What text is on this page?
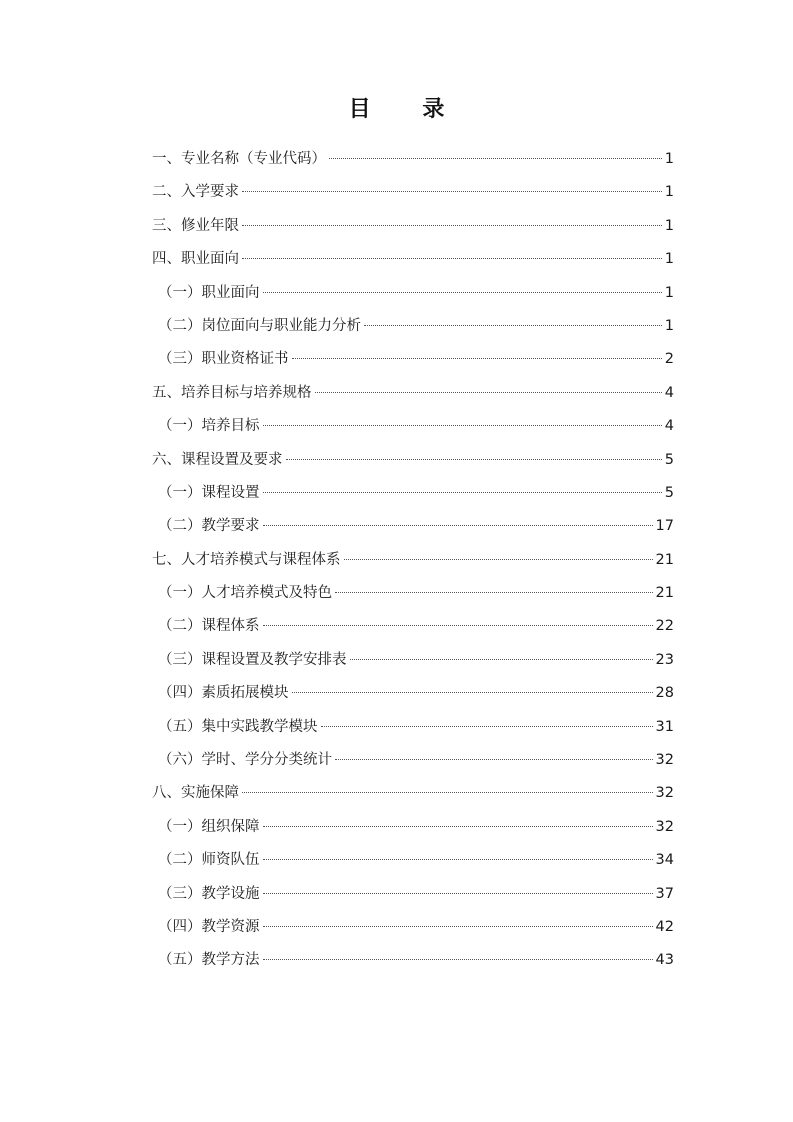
目 录
一、专业名称（专业代码）	1
二、入学要求	1
三、修业年限	1
四、职业面向	1
（一）职业面向	1
（二）岗位面向与职业能力分析	1
（三）职业资格证书	2
五、培养目标与培养规格	4
（一）培养目标	4
六、课程设置及要求	5
（一）课程设置	5
（二）教学要求	17
七、人才培养模式与课程体系	21
（一）人才培养模式及特色	21
（二）课程体系	22
（三）课程设置及教学安排表	23
（四）素质拓展模块	28
（五）集中实践教学模块	31
（六）学时、学分分类统计	32
八、实施保障	32
（一）组织保障	32
（二）师资队伍	34
（三）教学设施	37
（四）教学资源	42
（五）教学方法	43
